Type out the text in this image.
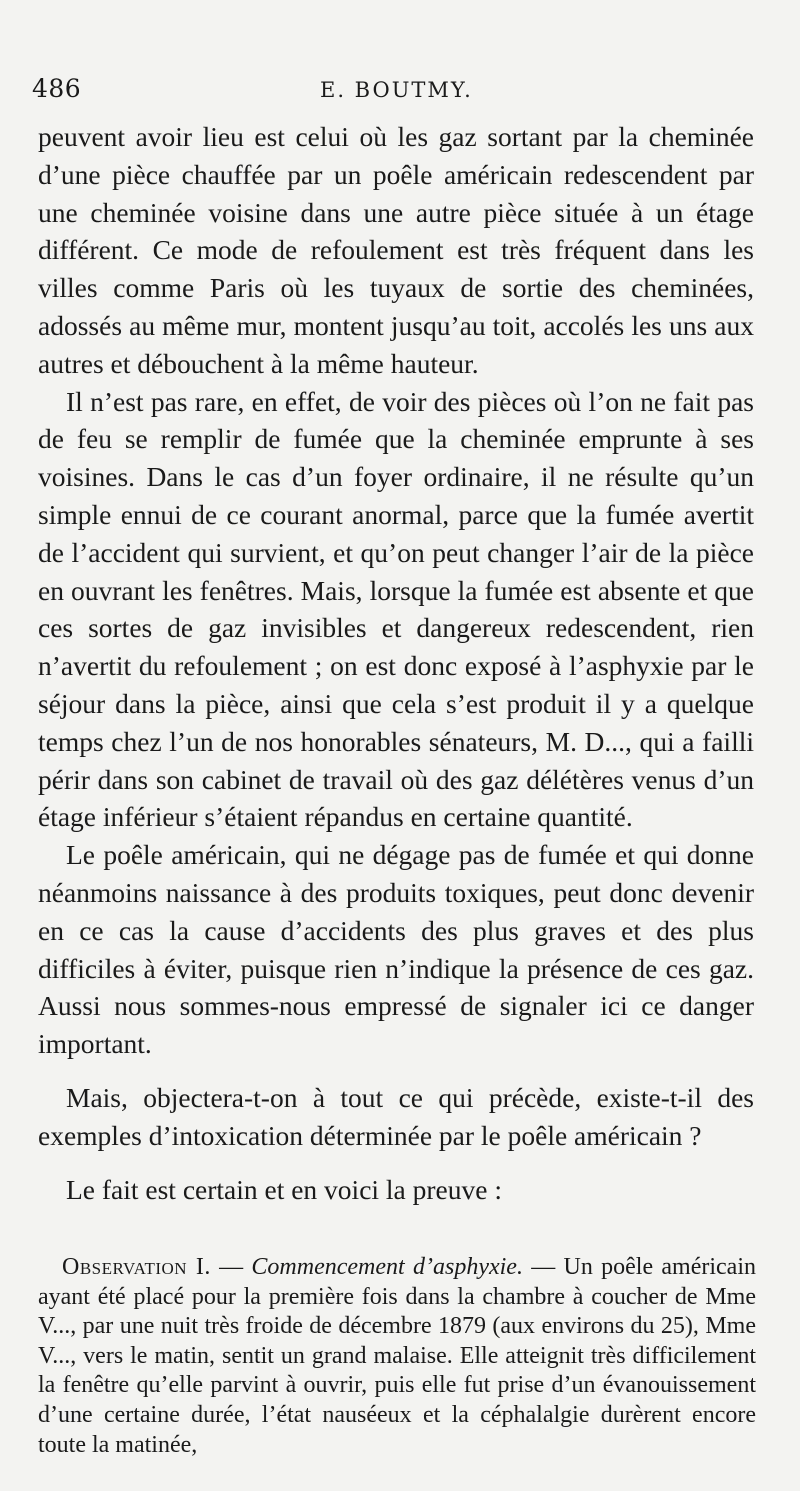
486	E. BOUTMY.

peuvent avoir lieu est celui où les gaz sortant par la cheminée d’une pièce chauffée par un poêle américain redescendent par une cheminée voisine dans une autre pièce située à un étage différent. Ce mode de refoulement est très fréquent dans les villes comme Paris où les tuyaux de sortie des cheminées, adossés au même mur, montent jusqu’au toit, accolés les uns aux autres et débouchent à la même hauteur.

Il n’est pas rare, en effet, de voir des pièces où l’on ne fait pas de feu se remplir de fumée que la cheminée emprunte à ses voisines. Dans le cas d’un foyer ordinaire, il ne résulte qu’un simple ennui de ce courant anormal, parce que la fumée avertit de l’accident qui survient, et qu’on peut changer l’air de la pièce en ouvrant les fenêtres. Mais, lorsque la fumée est absente et que ces sortes de gaz invisibles et dangereux redescendent, rien n’avertit du refoulement ; on est donc exposé à l’asphyxie par le séjour dans la pièce, ainsi que cela s’est produit il y a quelque temps chez l’un de nos honorables sénateurs, M. D..., qui a failli périr dans son cabinet de travail où des gaz délétères venus d’un étage inférieur s’étaient répandus en certaine quantité.

Le poêle américain, qui ne dégage pas de fumée et qui donne néanmoins naissance à des produits toxiques, peut donc devenir en ce cas la cause d’accidents des plus graves et des plus difficiles à éviter, puisque rien n’indique la présence de ces gaz. Aussi nous sommes-nous empressé de signaler ici ce danger important.

Mais, objectera-t-on à tout ce qui précède, existe-t-il des exemples d’intoxication déterminée par le poêle américain ?

Le fait est certain et en voici la preuve :

Observation I. — Commencement d’asphyxie. — Un poêle américain ayant été placé pour la première fois dans la chambre à coucher de Mme V..., par une nuit très froide de décembre 1879 (aux environs du 25), Mme V..., vers le matin, sentit un grand malaise. Elle atteignit très difficilement la fenêtre qu’elle parvint à ouvrir, puis elle fut prise d’un évanouissement d’une certaine durée, l’état nauséeux et la céphalalgie durèrent encore toute la matinée,
